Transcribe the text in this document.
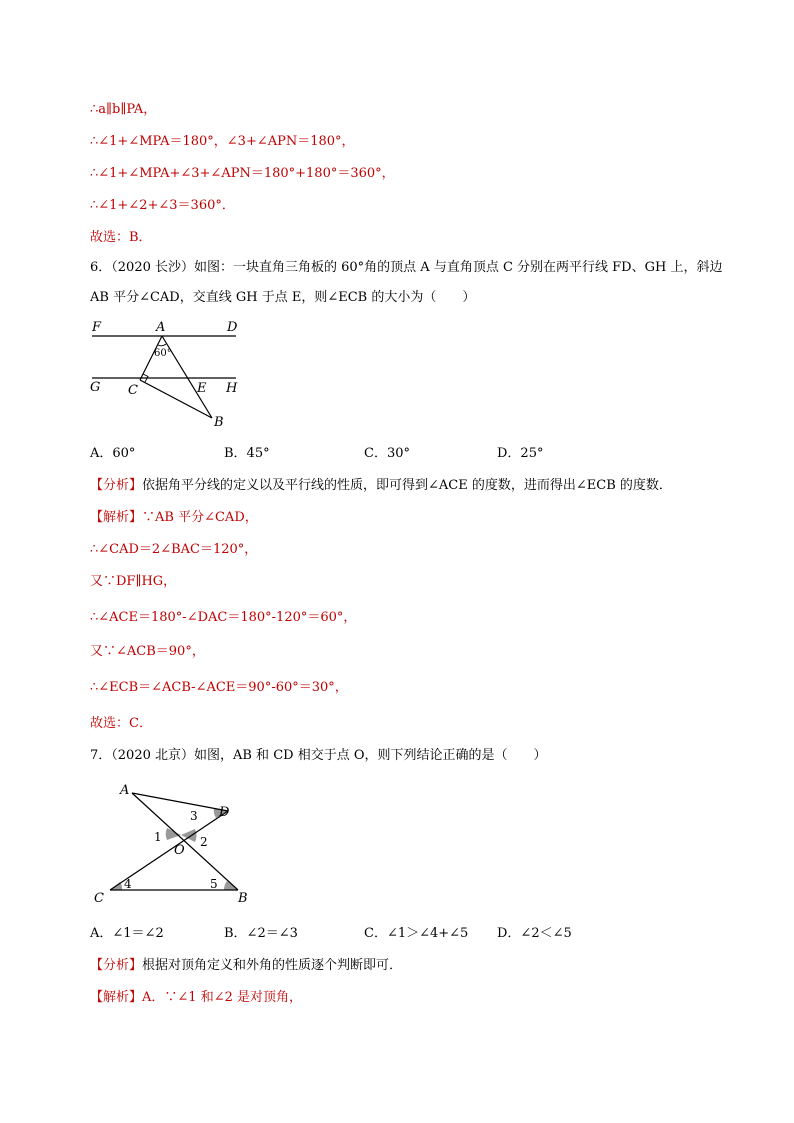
∴a∥b∥PA，
∴∠1+∠MPA＝180°，∠3+∠APN＝180°，
∴∠1+∠MPA+∠3+∠APN＝180°+180°＝360°，
∴∠1+∠2+∠3＝360°．
故选：B．
6．（2020 长沙）如图：一块直角三角板的 60°角的顶点 A 与直角顶点 C 分别在两平行线 FD、GH 上，斜边
AB 平分∠CAD，交直线 GH 于点 E，则∠ECB 的大小为（　　）
F	A	D
G C	E H
B
60°
A．60°	B．45°	C．30°	D．25°
【分析】依据角平分线的定义以及平行线的性质，即可得到∠ACE 的度数，进而得出∠ECB 的度数．
【解析】∵AB 平分∠CAD，
∴∠CAD＝2∠BAC＝120°，
又∵DF∥HG，
∴∠ACE＝180°-∠DAC＝180°-120°＝60°，
又∵∠ACB＝90°，
∴∠ECB＝∠ACB-∠ACE＝90°-60°＝30°，
故选：C．
7．（2020 北京）如图，AB 和 CD 相交于点 O，则下列结论正确的是（　　）
A
D
3
1	2
O
4	5
C	B
A．∠1＝∠2	B．∠2＝∠3	C．∠1＞∠4+∠5 D．∠2＜∠5
【分析】根据对顶角定义和外角的性质逐个判断即可．
【解析】A．∵∠1 和∠2 是对顶角，
